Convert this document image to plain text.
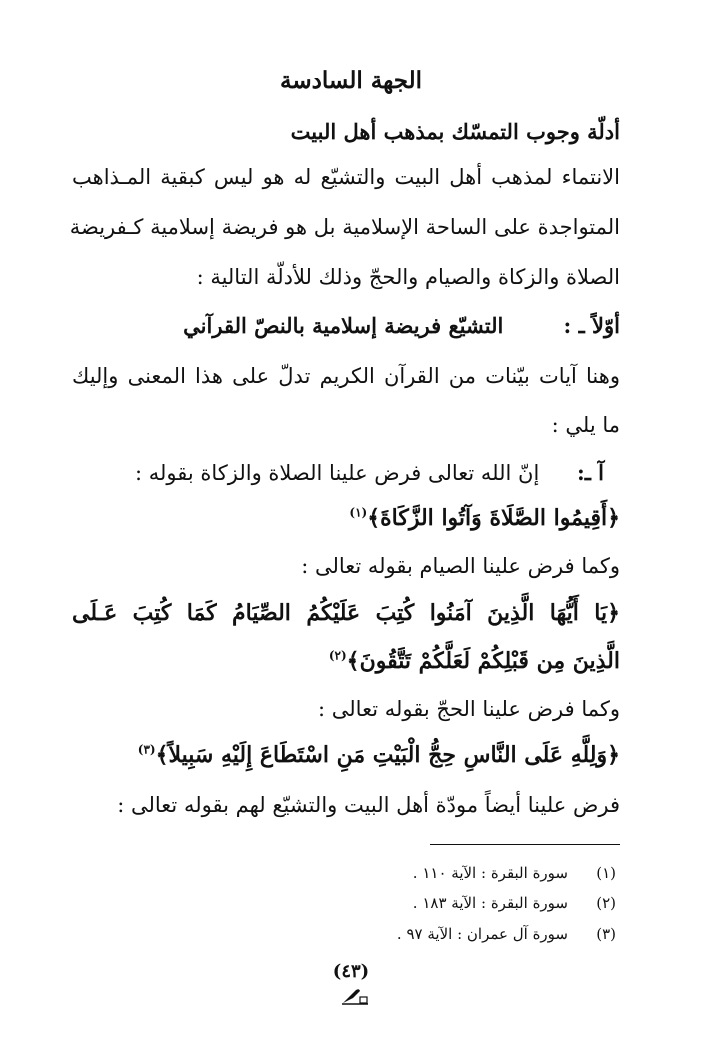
الجهة السادسة
أدلّة وجوب التمسّك بمذهب أهل البيت
الانتماء لمذهب أهل البيت والتشيّع له هو ليس كبقية المـذاهب
المتواجدة على الساحة الإسلامية بل هو فريضة إسلامية كـفريضة
الصلاة والزكاة والصيام والحجّ وذلك للأدلّة التالية :
أوّلاً ـ : التشيّع فريضة إسلامية بالنصّ القرآني
وهنا آيات بيّنات من القرآن الكريم تدلّ على هذا المعنى وإليك
ما يلي :
آ ـ: إنّ الله تعالى فرض علينا الصلاة والزكاة بقوله :
﴿أَقِيمُوا الصَّلَاةَ وَآتُوا الزَّكَاةَ﴾$^{(١)}$
وكما فرض علينا الصيام بقوله تعالى :
﴿يَا أَيُّهَا الَّذِينَ آمَنُوا كُتِبَ عَلَيْكُمُ الصِّيَامُ كَمَا كُتِبَ عَـلَى
الَّذِينَ مِن قَبْلِكُمْ لَعَلَّكُمْ تَتَّقُونَ﴾$^{(٢)}$
وكما فرض علينا الحجّ بقوله تعالى :
﴿وَلِلَّهِ عَلَى النَّاسِ حِجُّ الْبَيْتِ مَنِ اسْتَطَاعَ إِلَيْهِ سَبِيلاً﴾$^{(٣)}$
فرض علينا أيضاً مودّة أهل البيت والتشيّع لهم بقوله تعالى :
(١)سورة البقرة : الآية ١١٠ .
(٢)سورة البقرة : الآية ١٨٣ .
(٣)سورة آل عمران : الآية ٩٧ .
(٤٣)
